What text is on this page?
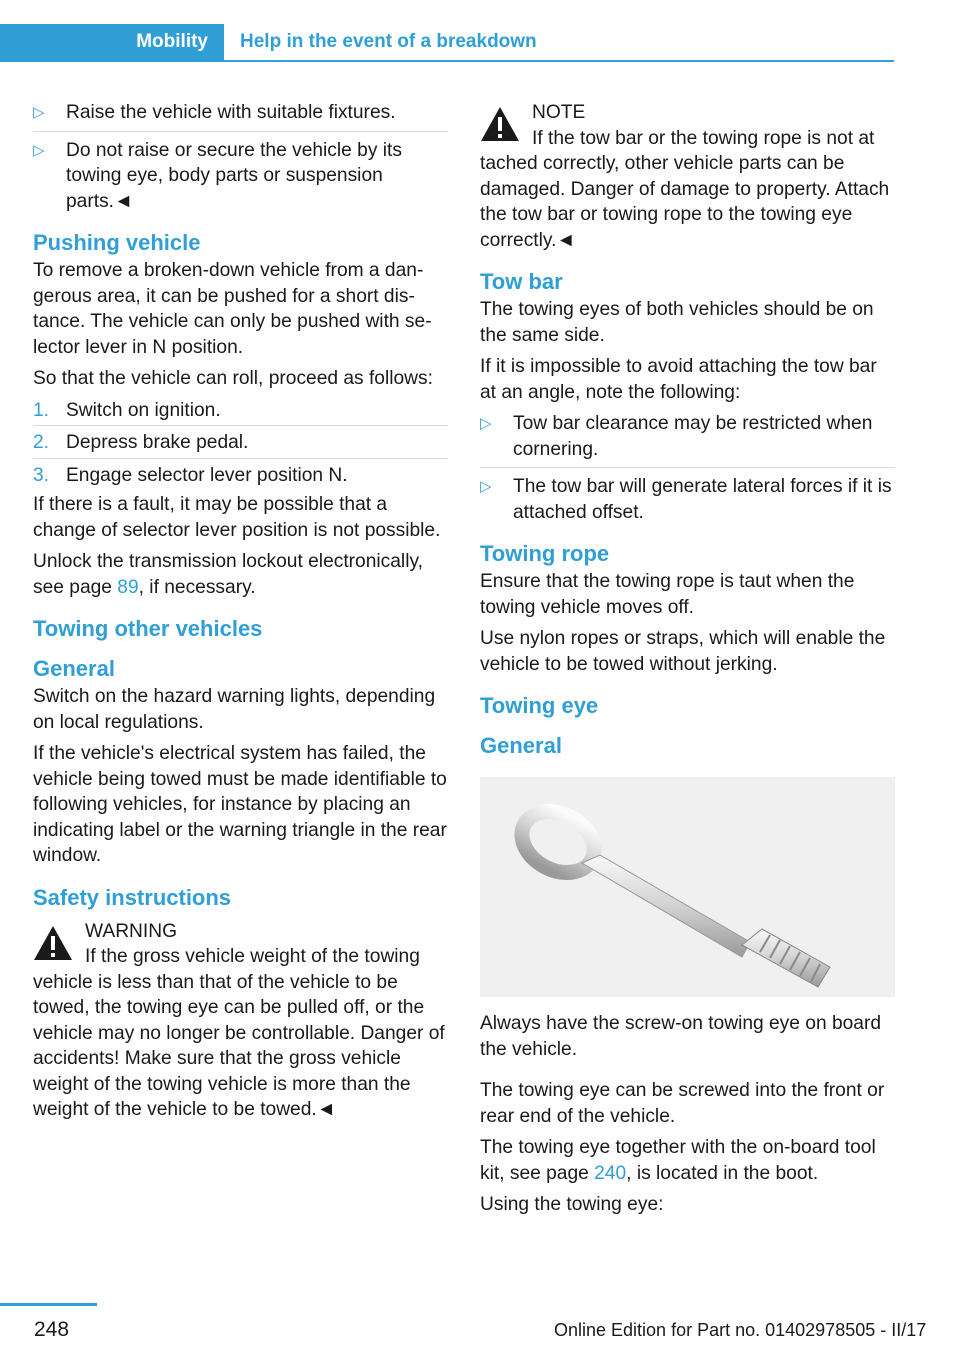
Mobility	Help in the event of a breakdown
▷ Raise the vehicle with suitable fixtures.
▷ Do not raise or secure the vehicle by its towing eye, body parts or suspension parts.◄
Pushing vehicle

To remove a broken-down vehicle from a dangerous area, it can be pushed for a short distance. The vehicle can only be pushed with selector lever in N position.

So that the vehicle can roll, proceed as follows:

1. Switch on ignition.
2. Depress brake pedal.
3. Engage selector lever position N.

If there is a fault, it may be possible that a change of selector lever position is not possible.

Unlock the transmission lockout electronically, see page 89, if necessary.

Towing other vehicles
General

Switch on the hazard warning lights, depending on local regulations.

If the vehicle's electrical system has failed, the vehicle being towed must be made identifiable to following vehicles, for instance by placing an indicating label or the warning triangle in the rear window.

Safety instructions
WARNING
If the gross vehicle weight of the towing
vehicle is less than that of the vehicle to be towed, the towing eye can be pulled off, or the vehicle may no longer be controllable. Danger of accidents! Make sure that the gross vehicle weight of the towing vehicle is more than the weight of the vehicle to be towed.◄
NOTE
If the tow bar or the towing rope is not at
tached correctly, other vehicle parts can be damaged. Danger of damage to property. Attach the tow bar or towing rope to the towing eye correctly.◄
Tow bar

The towing eyes of both vehicles should be on the same side.

If it is impossible to avoid attaching the tow bar at an angle, note the following:

▷ Tow bar clearance may be restricted when cornering.
▷ The tow bar will generate lateral forces if it is attached offset.
Towing rope

Ensure that the towing rope is taut when the towing vehicle moves off.

Use nylon ropes or straps, which will enable the vehicle to be towed without jerking.

Towing eye
General

Always have the screw-on towing eye on board the vehicle.

The towing eye can be screwed into the front or rear end of the vehicle.

The towing eye together with the on-board tool kit, see page 240, is located in the boot.

Using the towing eye:

248	Online Edition for Part no. 01402978505 - II/17
